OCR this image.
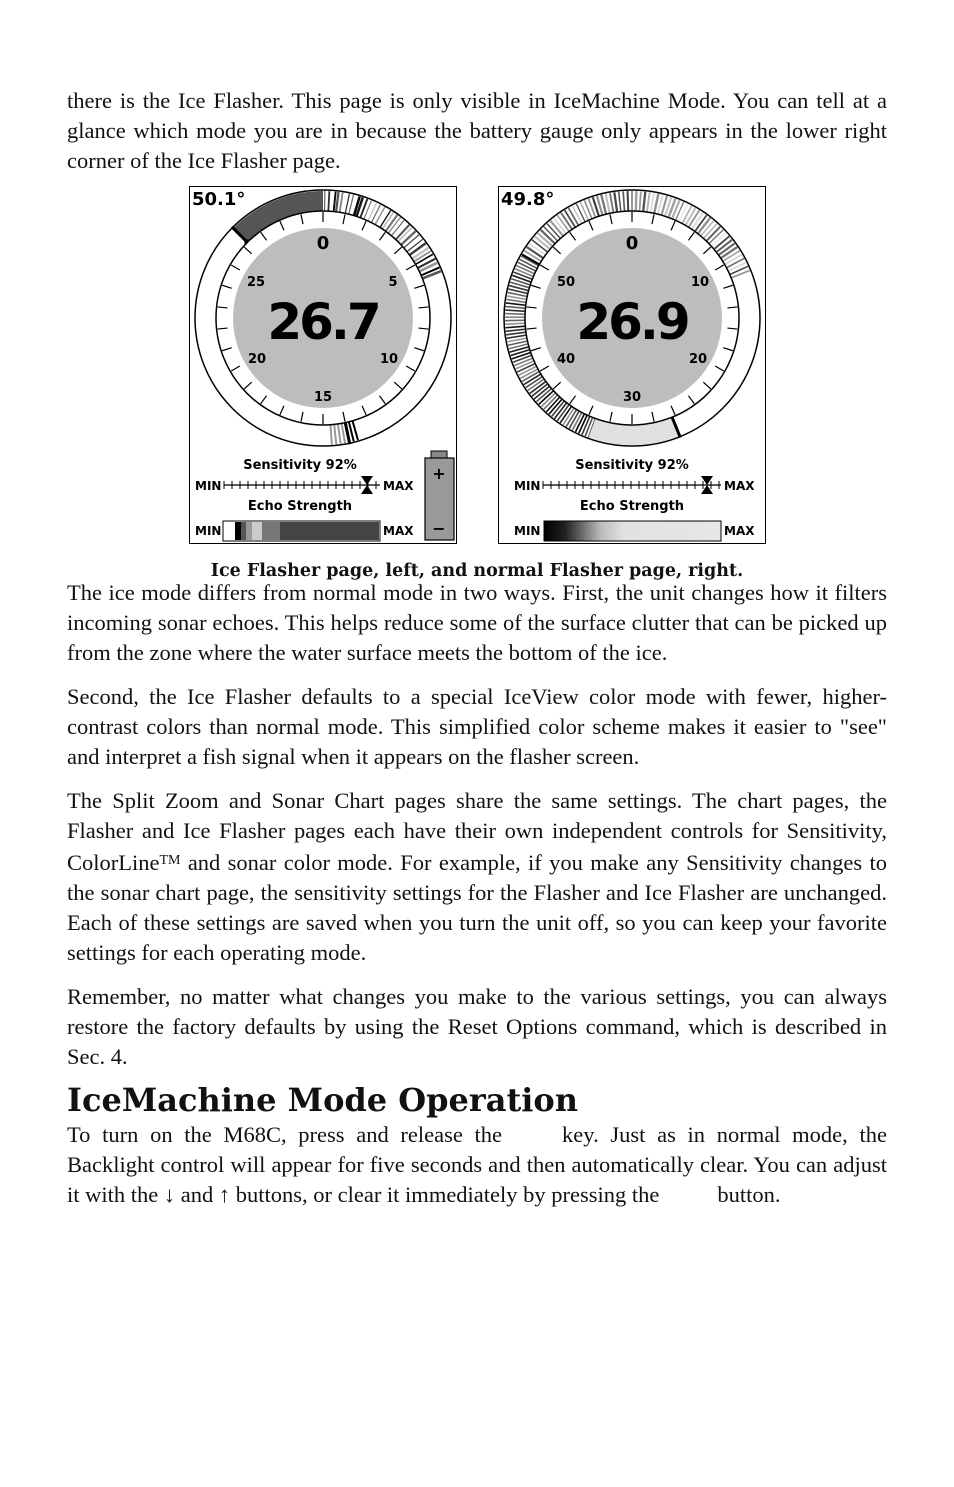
there is the Ice Flasher. This page is only visible in IceMachine Mode. You can tell at a glance which mode you are in because the battery gauge only appears in the lower right corner of the Ice Flasher page.

50.1°
26.7
0
5
10
15
20
25
Sensitivity 92%
MIN	MAX
Echo Strength
MIN	MAX
+
−
49.8°
26.9
0
10
20
30
40
50
Sensitivity 92%
MIN	MAX
Echo Strength
MIN	MAX
Ice Flasher page, left, and normal Flasher page, right.

The ice mode differs from normal mode in two ways. First, the unit changes how it filters incoming sonar echoes. This helps reduce some of the surface clutter that can be picked up from the zone where the water surface meets the bottom of the ice.

Second, the Ice Flasher defaults to a special IceView color mode with fewer, higher-contrast colors than normal mode. This simplified color scheme makes it easier to "see" and interpret a fish signal when it appears on the flasher screen.

The Split Zoom and Sonar Chart pages share the same settings. The chart pages, the Flasher and Ice Flasher pages each have their own independent controls for Sensitivity, ColorLine™ and sonar color mode. For example, if you make any Sensitivity changes to the sonar chart page, the sensitivity settings for the Flasher and Ice Flasher are unchanged. Each of these settings are saved when you turn the unit off, so you can keep your favorite settings for each operating mode.

Remember, no matter what changes you make to the various settings, you can always restore the factory defaults by using the Reset Options command, which is described in Sec. 4.

IceMachine Mode Operation

To turn on the M68C, press and release the	key. Just as in normal mode, the Backlight control will appear for five seconds and then automatically clear. You can adjust it with the ↓ and ↑ buttons, or clear it immediately by pressing the	button.
